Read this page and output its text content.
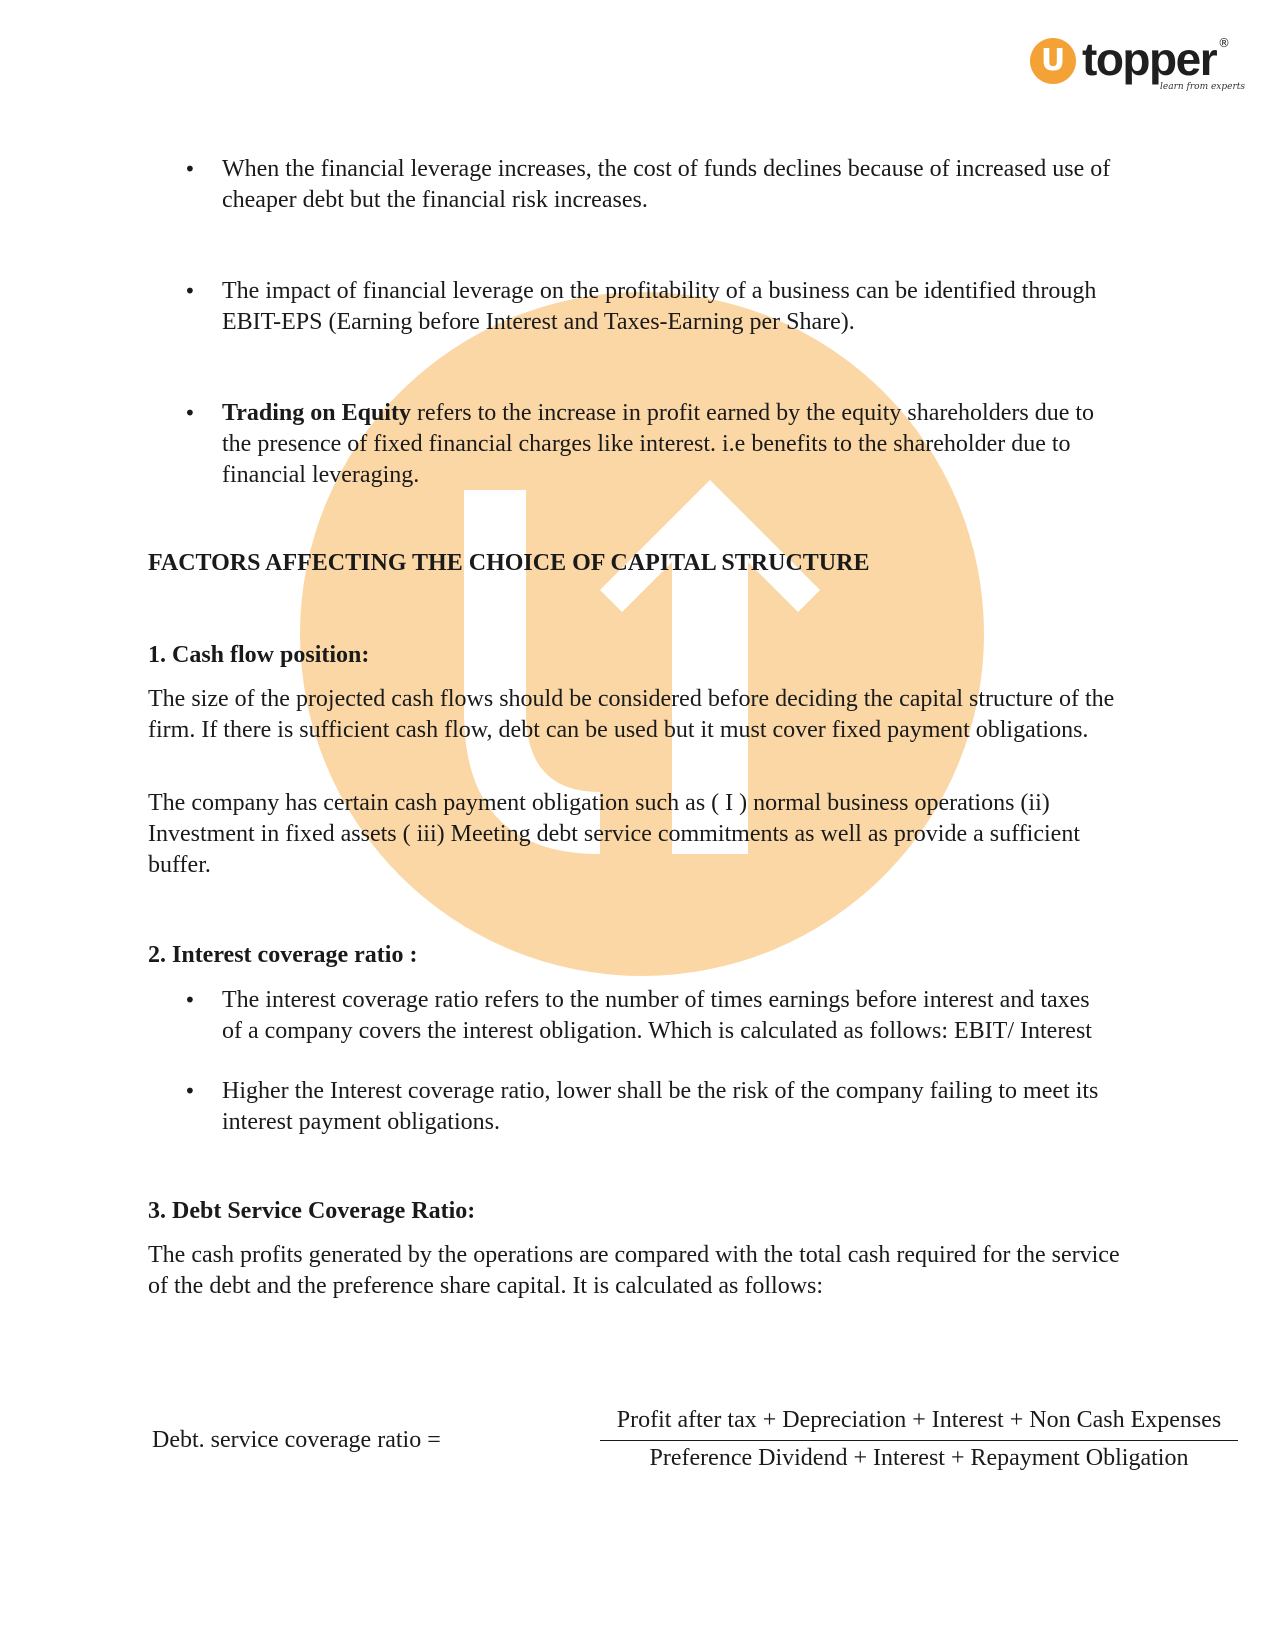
U topper ®
learn from experts
• When the financial leverage increases, the cost of funds declines because of increased use of cheaper debt but the financial risk increases.
• The impact of financial leverage on the profitability of a business can be identified through EBIT-EPS (Earning before Interest and Taxes-Earning per Share).
• Trading on Equity refers to the increase in profit earned by the equity shareholders due to the presence of fixed financial charges like interest. i.e benefits to the shareholder due to financial leveraging.
FACTORS AFFECTING THE CHOICE OF CAPITAL STRUCTURE
1. Cash flow position:
The size of the projected cash flows should be considered before deciding the capital structure of the firm. If there is sufficient cash flow, debt can be used but it must cover fixed payment obligations.
The company has certain cash payment obligation such as ( I ) normal business operations (ii) Investment in fixed assets ( iii) Meeting debt service commitments as well as provide a sufficient buffer.
2. Interest coverage ratio :
• The interest coverage ratio refers to the number of times earnings before interest and taxes of a company covers the interest obligation. Which is calculated as follows: EBIT/ Interest
• Higher the Interest coverage ratio, lower shall be the risk of the company failing to meet its interest payment obligations.
3. Debt Service Coverage Ratio:
The cash profits generated by the operations are compared with the total cash required for the service of the debt and the preference share capital. It is calculated as follows:
Debt. service coverage ratio =
Profit after tax + Depreciation + Interest + Non Cash Expenses
Preference Dividend + Interest + Repayment Obligation
